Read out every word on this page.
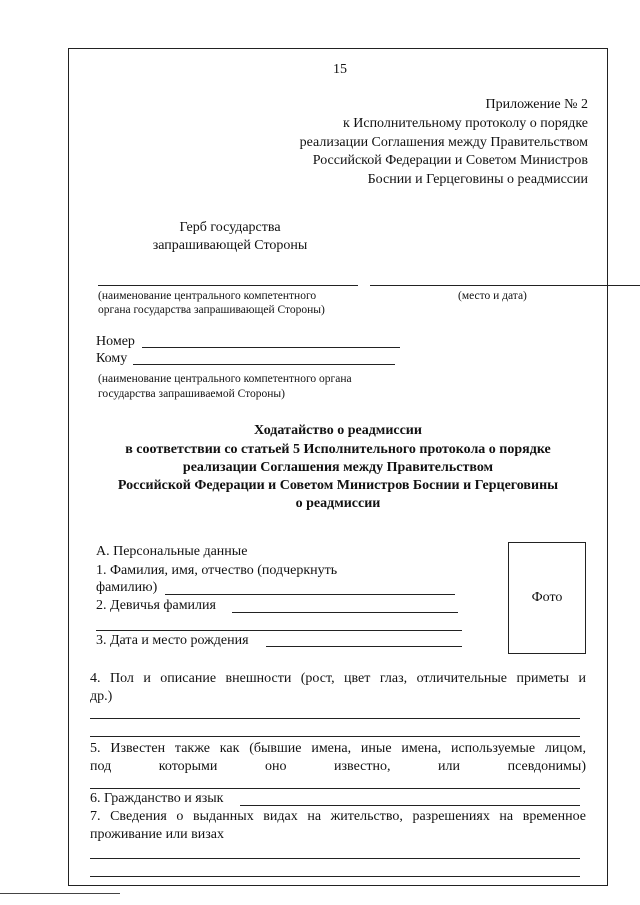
15
Приложение № 2
к Исполнительному протоколу о порядке
реализации Соглашения между Правительством
Российской Федерации и Советом Министров
Боснии и Герцеговины о реадмиссии
Герб государства
запрашивающей Стороны
(наименование центрального компетентного
органа государства запрашивающей Стороны)
(место и дата)
Номер
Кому
(наименование центрального компетентного органа
государства запрашиваемой Стороны)
Ходатайство о реадмиссии
в соответствии со статьей 5 Исполнительного протокола о порядке
реализации Соглашения между Правительством
Российской Федерации и Советом Министров Боснии и Герцеговины
о реадмиссии
А. Персональные данные
Фото
1. Фамилия, имя, отчество (подчеркнуть
фамилию)
2. Девичья фамилия
3. Дата и место рождения
4. Пол и описание внешности (рост, цвет глаз, отличительные приметы и
др.)
5. Известен также как (бывшие имена, иные имена, используемые лицом,
под которыми оно известно, или псевдонимы)
6. Гражданство и язык
7. Сведения о выданных видах на жительство, разрешениях на временное
проживание или визах
